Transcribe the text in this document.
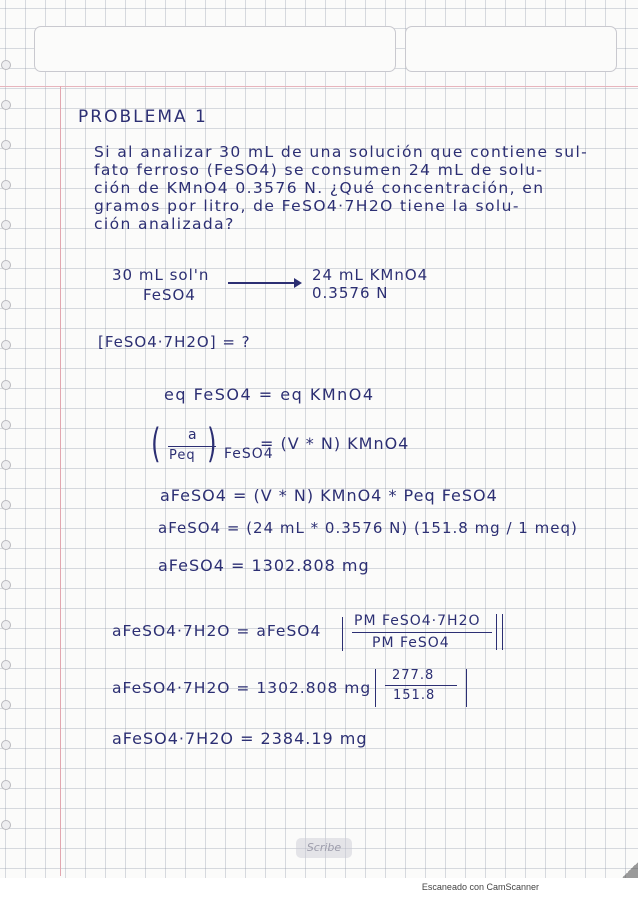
PROBLEMA 1
Si al analizar 30 mL de una solución que contiene sul-
fato ferroso (FeSO4) se consumen 24 mL de solu-
ción de KMnO4 0.3576 N. ¿Qué concentración, en
gramos por litro, de FeSO4·7H2O tiene la solu-
ción analizada?
30 mL sol'n
FeSO4
24 mL KMnO4
0.3576 N
[FeSO4·7H2O] = ?
eq FeSO4 = eq KMnO4
( a
Peq ) FeSO4
= (V * N) KMnO4
aFeSO4 = (V * N) KMnO4 * Peq FeSO4
aFeSO4 = (24 mL * 0.3576 N) (151.8 mg / 1 meq)
aFeSO4 = 1302.808 mg
aFeSO4·7H2O = aFeSO4
PM FeSO4·7H2O
PM FeSO4
aFeSO4·7H2O = 1302.808 mg
277.8
151.8
aFeSO4·7H2O = 2384.19 mg
Scribe
Escaneado con CamScanner
